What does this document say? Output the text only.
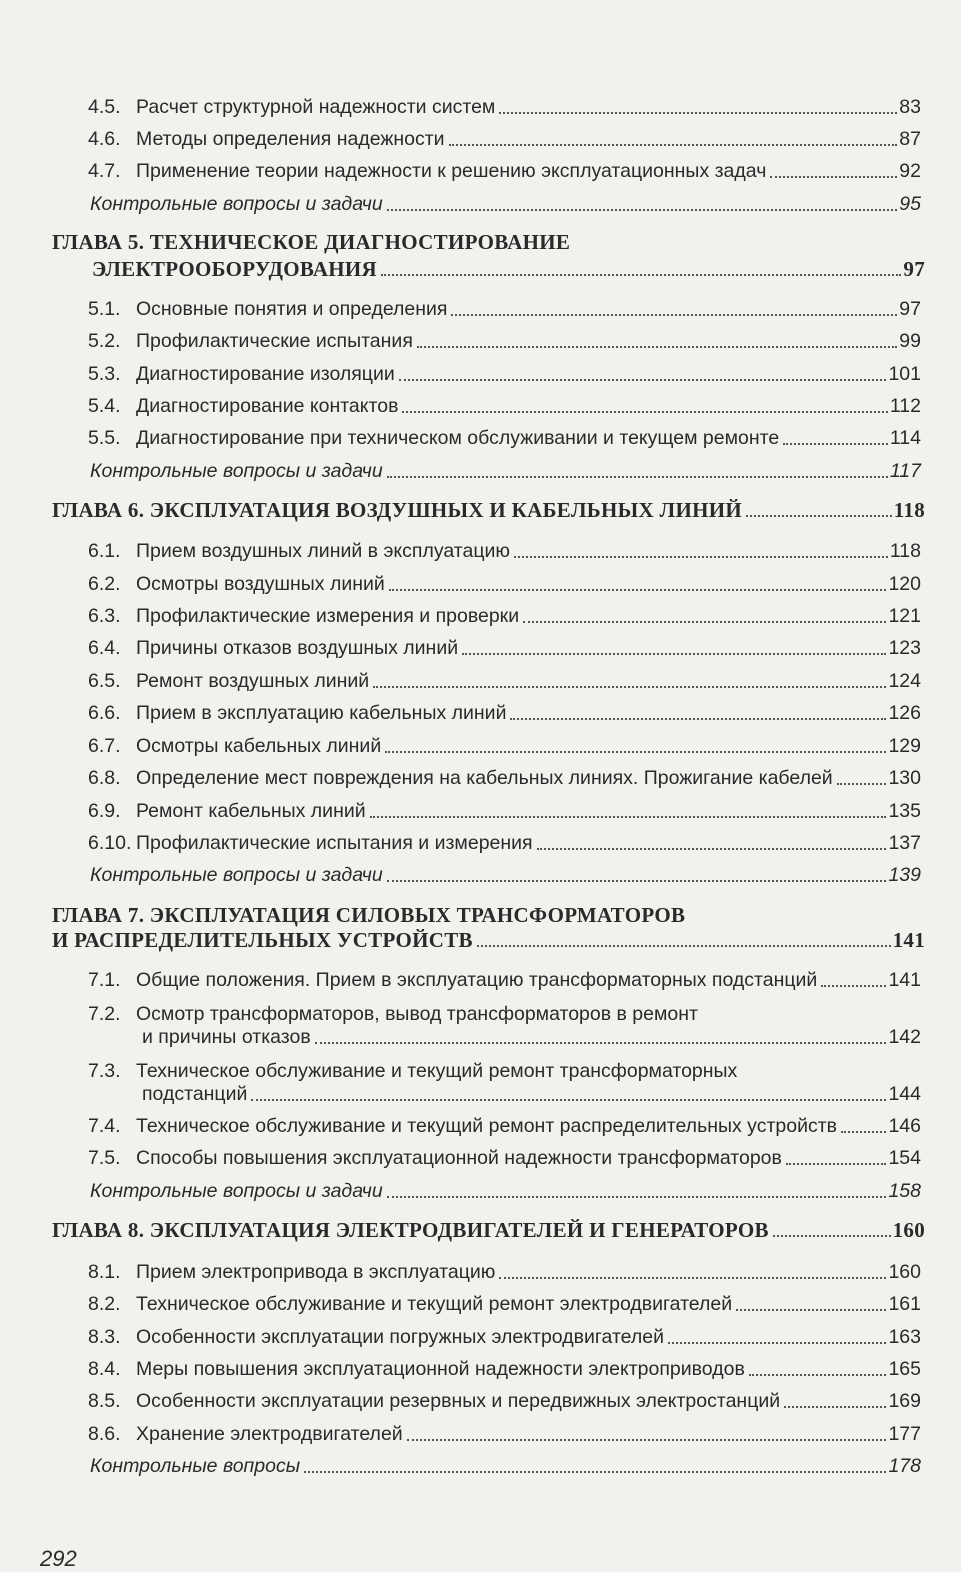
4.5. Расчет структурной надежности систем	83
4.6. Методы определения надежности	87
4.7. Применение теории надежности к решению эксплуатационных задач	92
Контрольные вопросы и задачи	95
ГЛАВА 5. ТЕХНИЧЕСКОЕ ДИАГНОСТИРОВАНИЕ
ЭЛЕКТРООБОРУДОВАНИЯ	97
5.1. Основные понятия и определения	97
5.2. Профилактические испытания	99
5.3. Диагностирование изоляции	101
5.4. Диагностирование контактов	112
5.5. Диагностирование при техническом обслуживании и текущем ремонте	114
Контрольные вопросы и задачи	117
ГЛАВА 6. ЭКСПЛУАТАЦИЯ ВОЗДУШНЫХ И КАБЕЛЬНЫХ ЛИНИЙ	118
6.1. Прием воздушных линий в эксплуатацию	118
6.2. Осмотры воздушных линий	120
6.3. Профилактические измерения и проверки	121
6.4. Причины отказов воздушных линий	123
6.5. Ремонт воздушных линий	124
6.6. Прием в эксплуатацию кабельных линий	126
6.7. Осмотры кабельных линий	129
6.8. Определение мест повреждения на кабельных линиях. Прожигание кабелей	130
6.9. Ремонт кабельных линий	135
6.10. Профилактические испытания и измерения	137
Контрольные вопросы и задачи	139
ГЛАВА 7. ЭКСПЛУАТАЦИЯ СИЛОВЫХ ТРАНСФОРМАТОРОВ
И РАСПРЕДЕЛИТЕЛЬНЫХ УСТРОЙСТВ	141
7.1. Общие положения. Прием в эксплуатацию трансформаторных подстанций	141
7.2. Осмотр трансформаторов, вывод трансформаторов в ремонт
и причины отказов	142
7.3. Техническое обслуживание и текущий ремонт трансформаторных
подстанций	144
7.4. Техническое обслуживание и текущий ремонт распределительных устройств	146
7.5. Способы повышения эксплуатационной надежности трансформаторов	154
Контрольные вопросы и задачи	158
ГЛАВА 8. ЭКСПЛУАТАЦИЯ ЭЛЕКТРОДВИГАТЕЛЕЙ И ГЕНЕРАТОРОВ	160
8.1. Прием электропривода в эксплуатацию	160
8.2. Техническое обслуживание и текущий ремонт электродвигателей	161
8.3. Особенности эксплуатации погружных электродвигателей	163
8.4. Меры повышения эксплуатационной надежности электроприводов	165
8.5. Особенности эксплуатации резервных и передвижных электростанций	169
8.6. Хранение электродвигателей	177
Контрольные вопросы	178
292
